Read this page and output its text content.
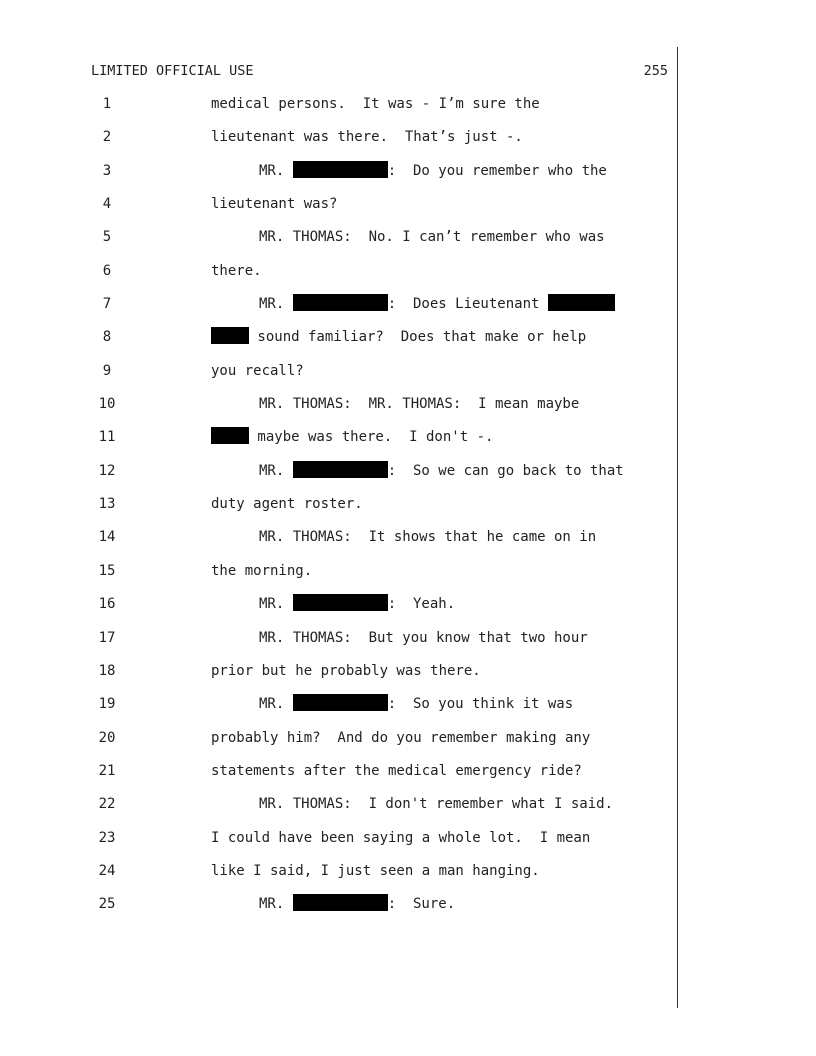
LIMITED OFFICIAL USE	255
1	medical persons.  It was - I’m sure the
2	lieutenant was there.  That’s just -.
3	MR.	:  Do you remember who the
4	lieutenant was?
5	MR. THOMAS:  No. I can’t remember who was
6	there.
7	MR.	:  Does Lieutenant
8	sound familiar?  Does that make or help
9	you recall?
10	MR. THOMAS:  MR. THOMAS:  I mean maybe
11	maybe was there.  I don't -.
12	MR.	:  So we can go back to that
13	duty agent roster.
14	MR. THOMAS:  It shows that he came on in
15	the morning.
16	MR.	:  Yeah.
17	MR. THOMAS:  But you know that two hour
18	prior but he probably was there.
19	MR.	:  So you think it was
20	probably him?  And do you remember making any
21	statements after the medical emergency ride?
22	MR. THOMAS:  I don't remember what I said.
23	I could have been saying a whole lot.  I mean
24	like I said, I just seen a man hanging.
25	MR.	:  Sure.
